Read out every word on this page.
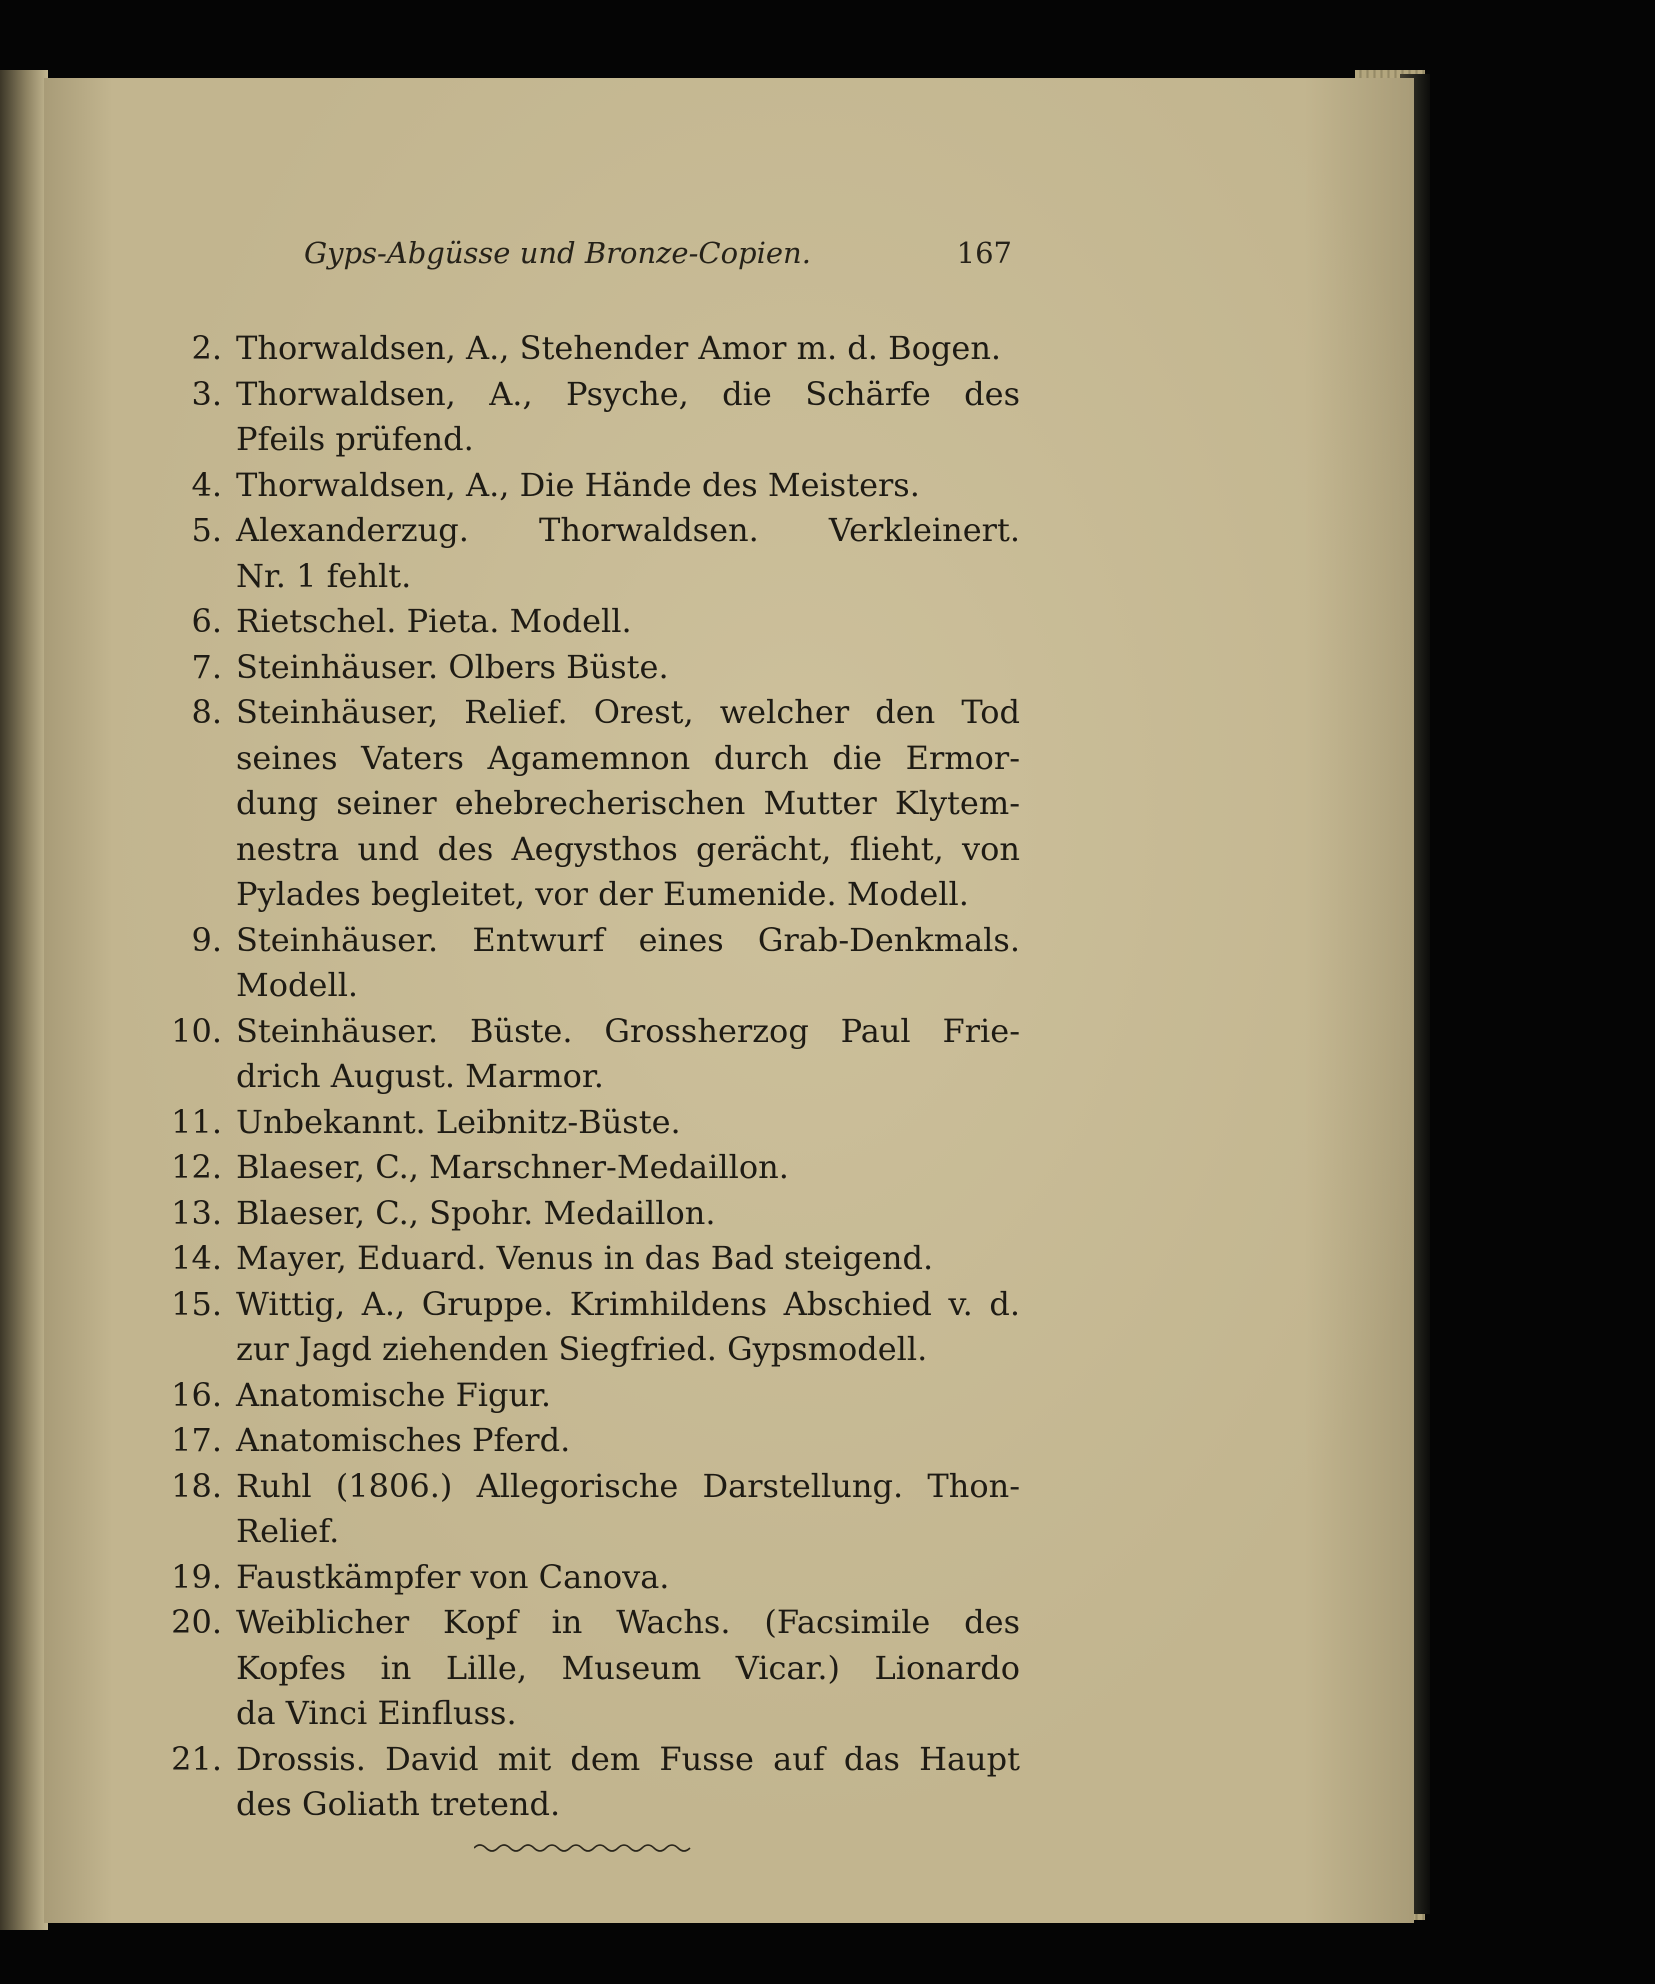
Gyps-Abgüsse und Bronze-Copien.	167
2. Thorwaldsen, A., Stehender Amor m. d. Bogen.
3. Thorwaldsen, A., Psyche, die Schärfe des
Pfeils prüfend.
4. Thorwaldsen, A., Die Hände des Meisters.
5. Alexanderzug. Thorwaldsen. Verkleinert.
Nr. 1 fehlt.
6. Rietschel. Pieta. Modell.
7. Steinhäuser. Olbers Büste.
8. Steinhäuser, Relief. Orest, welcher den Tod
seines Vaters Agamemnon durch die Ermor-
dung seiner ehebrecherischen Mutter Klytem-
nestra und des Aegysthos gerächt, flieht, von
Pylades begleitet, vor der Eumenide. Modell.
9. Steinhäuser. Entwurf eines Grab-Denkmals.
Modell.
10. Steinhäuser. Büste. Grossherzog Paul Frie-
drich August. Marmor.
11. Unbekannt. Leibnitz-Büste.
12. Blaeser, C., Marschner-Medaillon.
13. Blaeser, C., Spohr. Medaillon.
14. Mayer, Eduard. Venus in das Bad steigend.
15. Wittig, A., Gruppe. Krimhildens Abschied v. d.
zur Jagd ziehenden Siegfried. Gypsmodell.
16. Anatomische Figur.
17. Anatomisches Pferd.
18. Ruhl (1806.) Allegorische Darstellung. Thon-
Relief.
19. Faustkämpfer von Canova.
20. Weiblicher Kopf in Wachs. (Facsimile des
Kopfes in Lille, Museum Vicar.) Lionardo
da Vinci Einfluss.
21. Drossis. David mit dem Fusse auf das Haupt
des Goliath tretend.
